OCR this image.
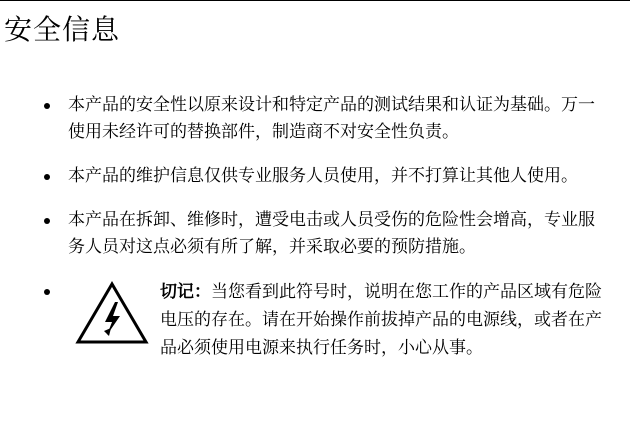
安全信息
本产品的安全性以原来设计和特定产品的测试结果和认证为基础。万一使用未经许可的替换部件，制造商不对安全性负责。
本产品的维护信息仅供专业服务人员使用，并不打算让其他人使用。
本产品在拆卸、维修时，遭受电击或人员受伤的危险性会增高，专业服务人员对这点必须有所了解，并采取必要的预防措施。
切记：当您看到此符号时，说明在您工作的产品区域有危险电压的存在。请在开始操作前拔掉产品的电源线，或者在产品必须使用电源来执行任务时，小心从事。
